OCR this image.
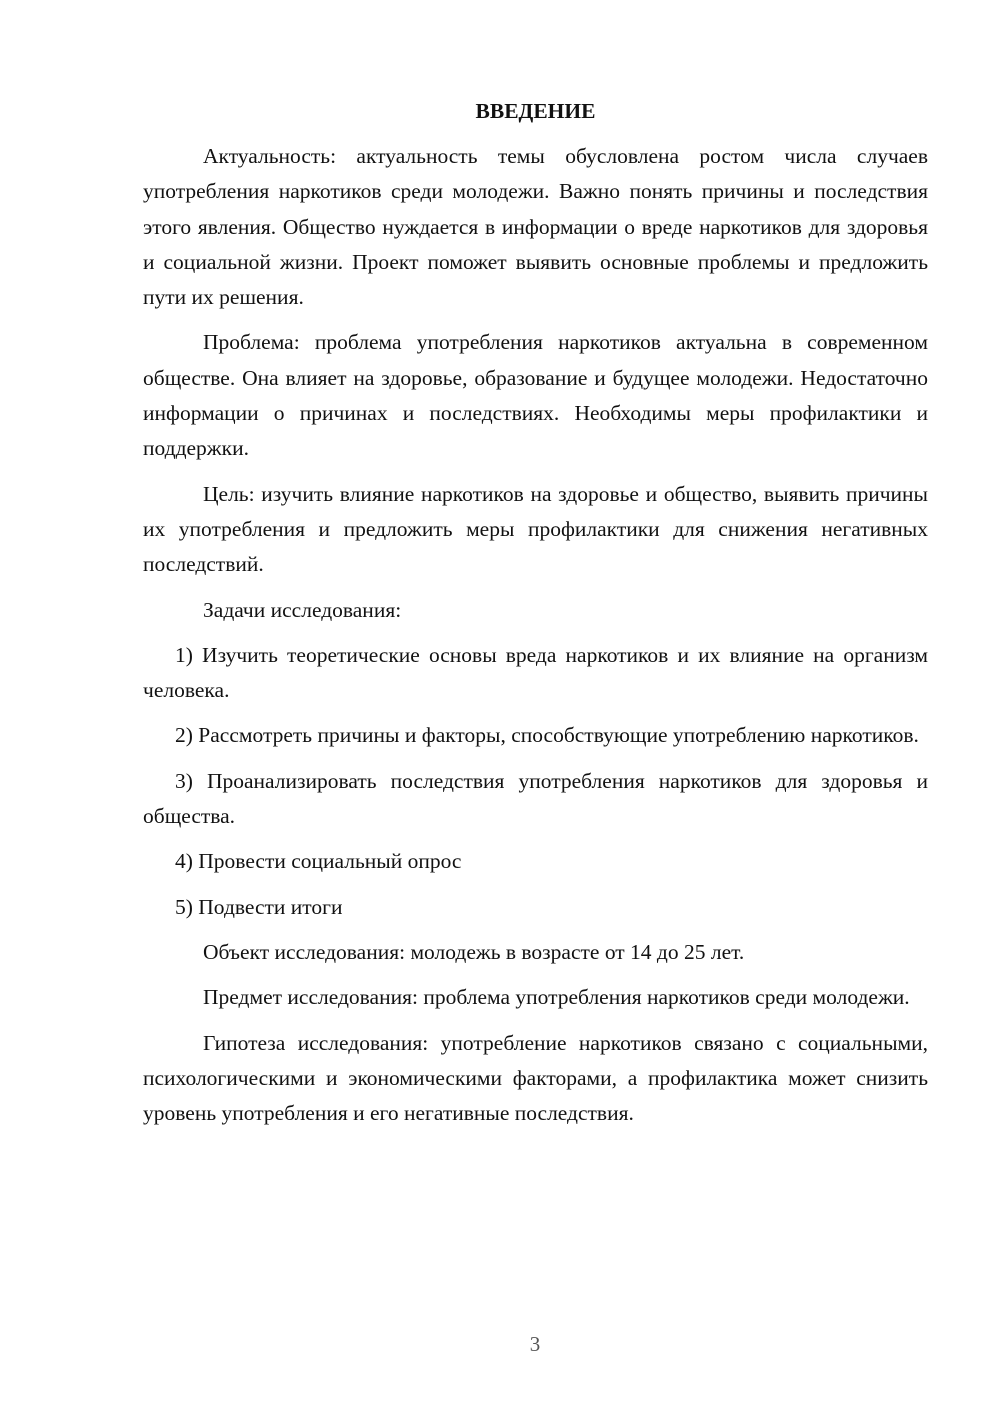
ВВЕДЕНИЕ

Актуальность: актуальность темы обусловлена ростом числа случаев употребления наркотиков среди молодежи. Важно понять причины и последствия этого явления. Общество нуждается в информации о вреде наркотиков для здоровья и социальной жизни. Проект поможет выявить основные проблемы и предложить пути их решения.

Проблема: проблема употребления наркотиков актуальна в современном обществе. Она влияет на здоровье, образование и будущее молодежи. Недостаточно информации о причинах и последствиях. Необходимы меры профилактики и поддержки.

Цель: изучить влияние наркотиков на здоровье и общество, выявить причины их употребления и предложить меры профилактики для снижения негативных последствий.

Задачи исследования:

1) Изучить теоретические основы вреда наркотиков и их влияние на организм человека.

2) Рассмотреть причины и факторы, способствующие употреблению наркотиков.

3) Проанализировать последствия употребления наркотиков для здоровья и общества.

4) Провести социальный опрос

5) Подвести итоги

Объект исследования: молодежь в возрасте от 14 до 25 лет.

Предмет исследования: проблема употребления наркотиков среди молодежи.

Гипотеза исследования: употребление наркотиков связано с социальными, психологическими и экономическими факторами, а профилактика может снизить уровень употребления и его негативные последствия.

3
